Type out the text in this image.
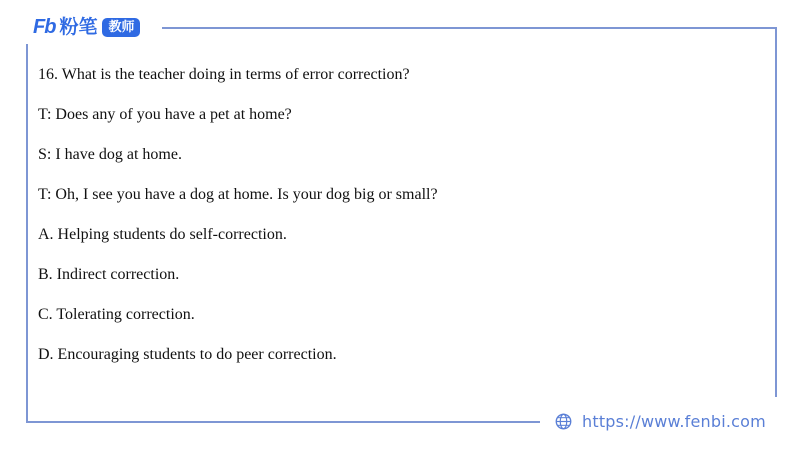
Fb 粉笔 教师
16. What is the teacher doing in terms of error correction?
T: Does any of you have a pet at home?
S: I have dog at home.
T: Oh, I see you have a dog at home. Is your dog big or small?
A. Helping students do self-correction.
B. Indirect correction.
C. Tolerating correction.
D. Encouraging students to do peer correction.
https://www.fenbi.com
